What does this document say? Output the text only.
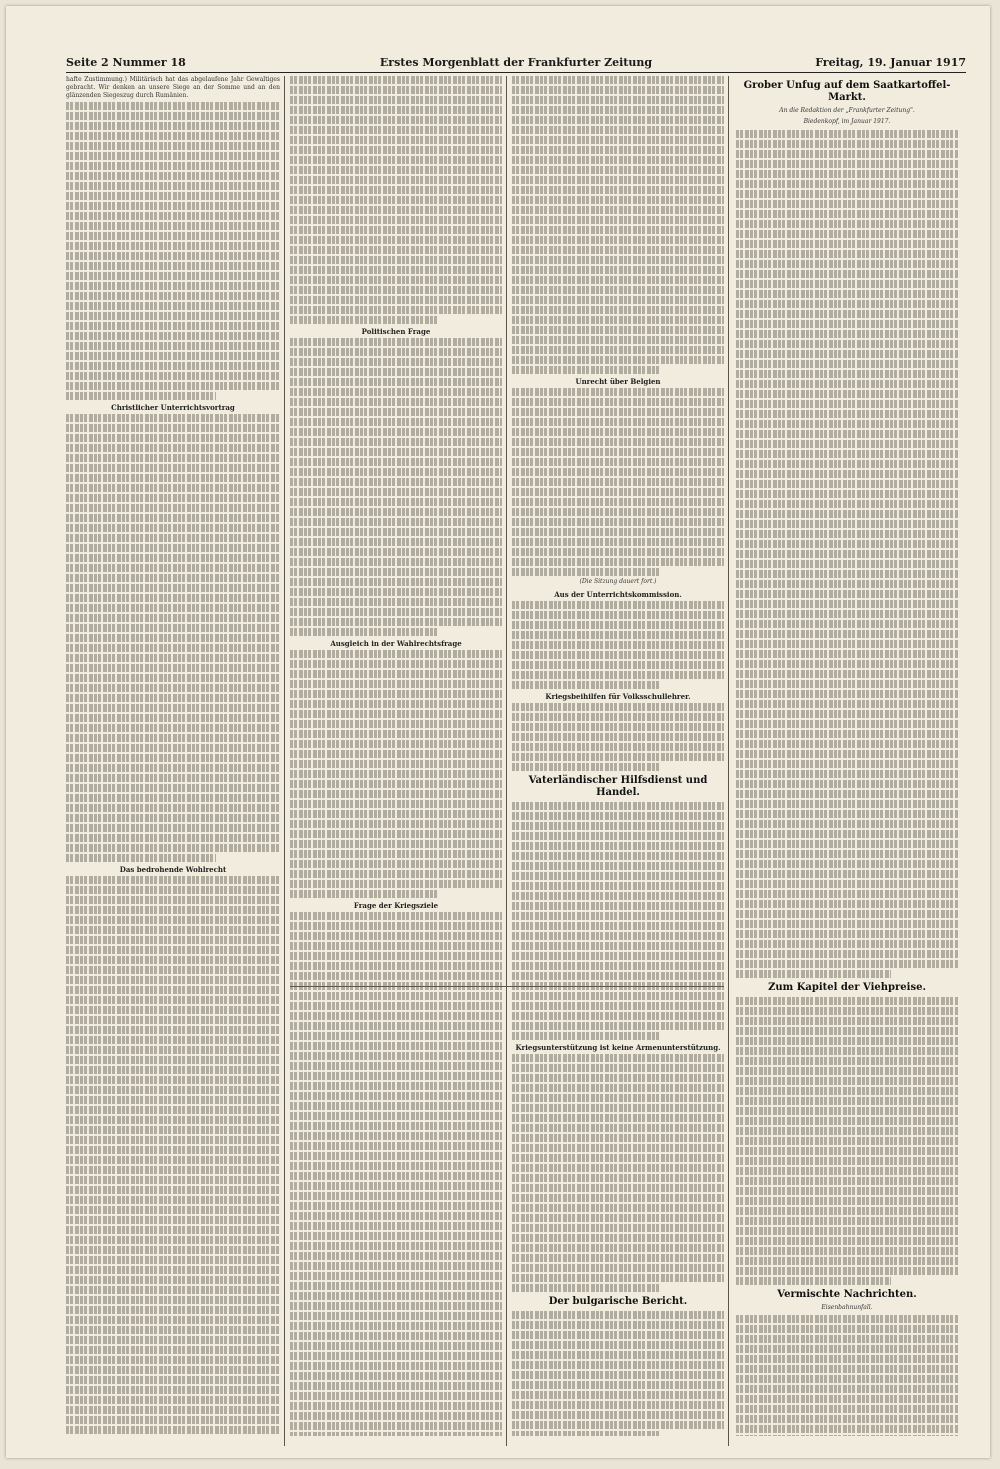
Seite 2 Nummer 18	Erstes Morgenblatt der Frankfurter Zeitung	Freitag, 19. Januar 1917

hafte Zustimmung.) Militärisch hat das abgelaufene Jahr Gewaltiges gebracht. Wir denken an unsere Siege an der Somme und an den glänzenden Siegeszug durch Rumänien.

Christlicher Unterrichtsvortrag
Das bedrohende Wohlrecht
Politischen Frage
Ausgleich in der Wahlrechtsfrage
Frage der Kriegsziele
Unrecht über Belgien

(Die Sitzung dauert fort.)

Aus der Unterrichtskommission.
Kriegsbeihilfen für Volksschullehrer.
Vaterländischer Hilfsdienst und Handel.
Kriegsunterstützung ist keine Armenunterstützung.
Der bulgarische Bericht.
Grober Unfug auf dem Saatkartoffel-Markt.

An die Redaktion der „Frankfurter Zeitung".

Biedenkopf, im Januar 1917.

Zum Kapitel der Viehpreise.
Vermischte Nachrichten.

Eisenbahnunfall.
